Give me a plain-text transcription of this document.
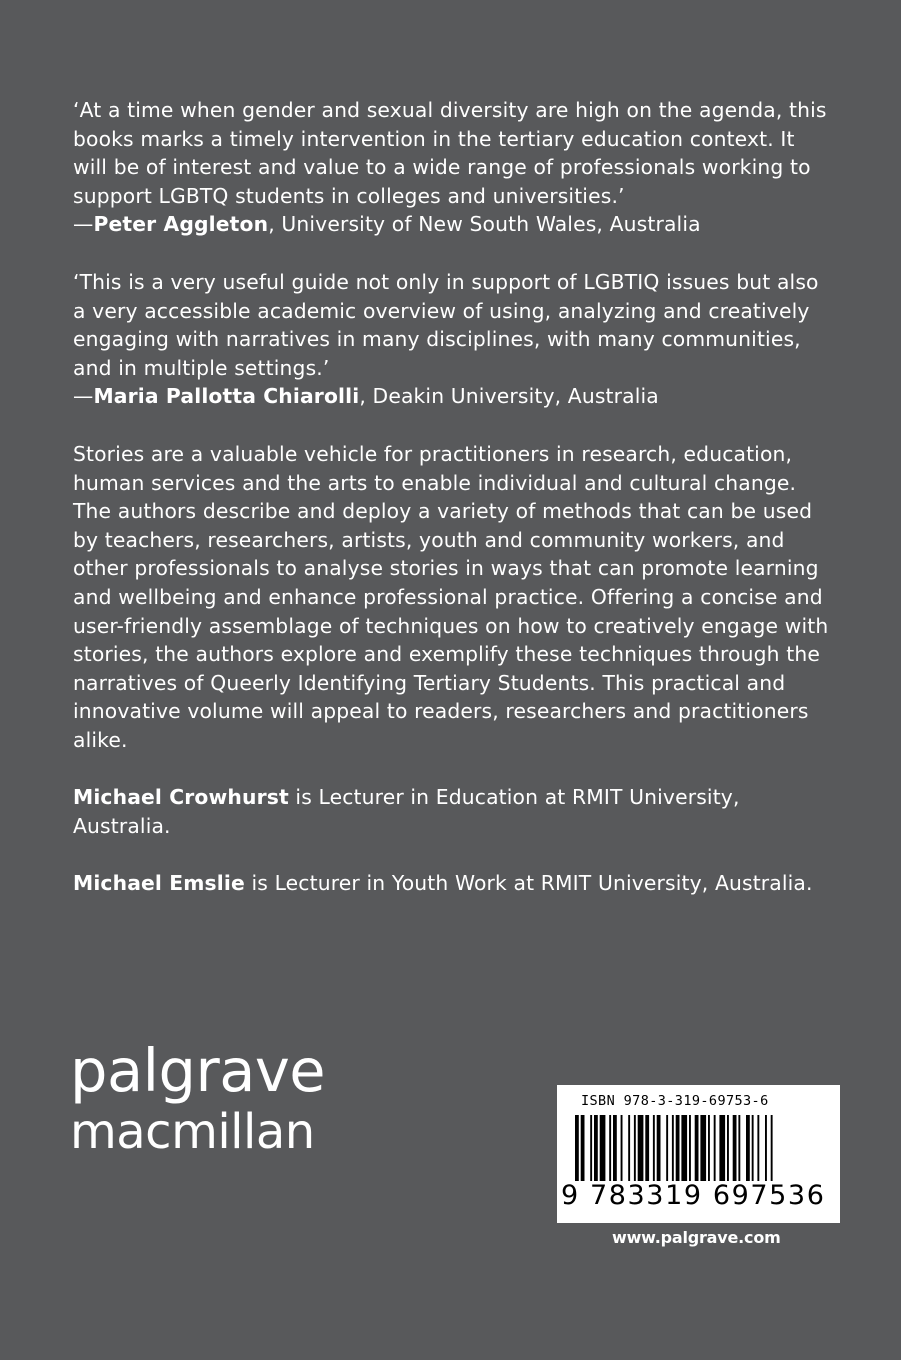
‘At a time when gender and sexual diversity are high on the agenda, this books marks a timely intervention in the tertiary education context. It will be of interest and value to a wide range of professionals working to support LGBTQ students in colleges and universities.’

—Peter Aggleton, University of New South Wales, Australia

‘This is a very useful guide not only in support of LGBTIQ issues but also a very accessible academic overview of using, analyzing and creatively engaging with narratives in many disciplines, with many communities, and in multiple settings.’

—Maria Pallotta Chiarolli, Deakin University, Australia

Stories are a valuable vehicle for practitioners in research, education, human services and the arts to enable individual and cultural change. The authors describe and deploy a variety of methods that can be used by teachers, researchers, artists, youth and community workers, and other professionals to analyse stories in ways that can promote learning and wellbeing and enhance professional practice. Offering a concise and user-friendly assemblage of techniques on how to creatively engage with stories, the authors explore and exemplify these techniques through the narratives of Queerly Identifying Tertiary Students. This practical and innovative volume will appeal to readers, researchers and practitioners alike.

Michael Crowhurst is Lecturer in Education at RMIT University, Australia.

Michael Emslie is Lecturer in Youth Work at RMIT University, Australia.

palgrave
macmillan
ISBN 978-3-319-69753-6
9 783319 697536
www.palgrave.com
